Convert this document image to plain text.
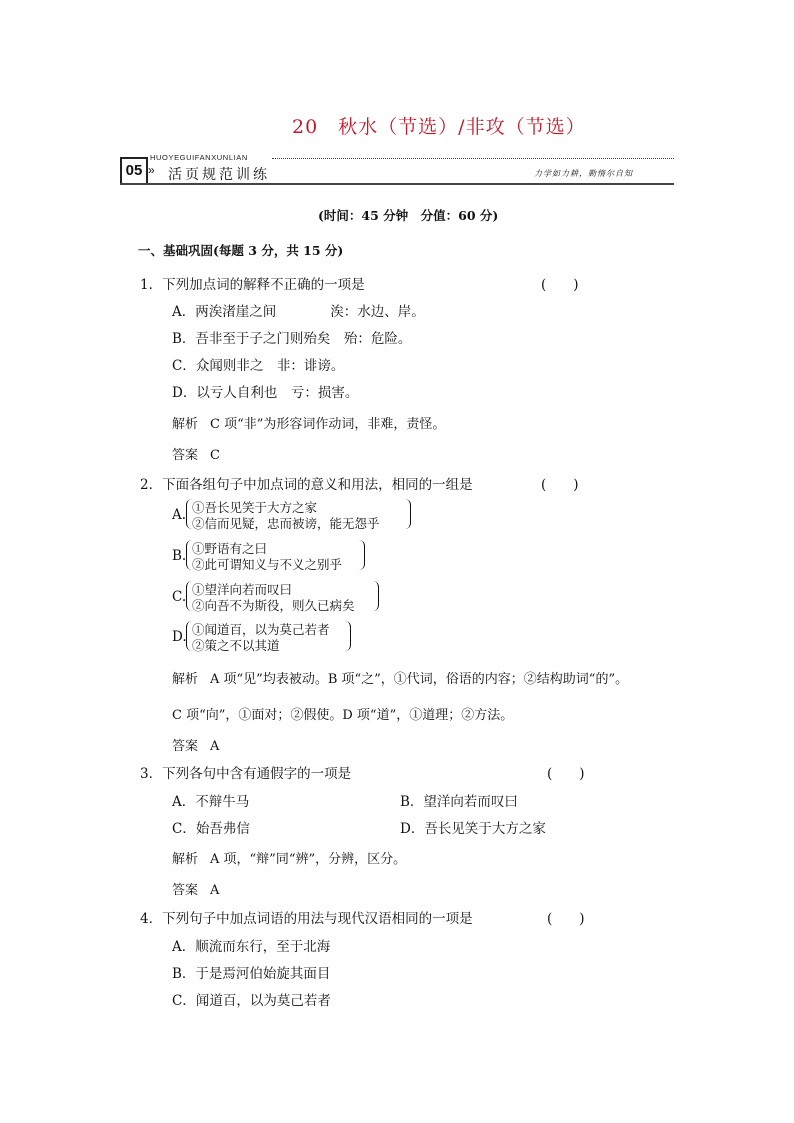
20　秋水（节选）/非攻（节选）
05
HUOYEGUIFANXUNLIAN
» 活页规范训练	力学如力耕，勤惰尔自知
(时间：45 分钟　分值：60 分)
一、基础巩固(每题 3 分，共 15 分)
1．下列加点词的解释不正确的一项是	(　　)
A．两涘渚崖之间　　　　涘：水边、岸。
B．吾非至于子之门则殆矣　殆：危险。
C．众闻则非之　非：诽谤。
D．以亏人自利也　亏：损害。
解析 C 项“非”为形容词作动词，非难，责怪。
答案 C
2．下面各组句子中加点词的意义和用法，相同的一组是	(　　)
A. ①吾长见笑于大方之家
②信而见疑，忠而被谤，能无怨乎
B. ①野语有之曰
②此可谓知义与不义之别乎
C. ①望洋向若而叹曰
②向吾不为斯役，则久已病矣
D. ①闻道百，以为莫己若者
②策之不以其道
解析 A 项“见”均表被动。B 项“之”，①代词，俗语的内容；②结构助词“的”。
C 项“向”，①面对；②假使。D 项“道”，①道理；②方法。
答案 A
3．下列各句中含有通假字的一项是	(　　)
A．不辩牛马	B．望洋向若而叹曰
C．始吾弗信	D．吾长见笑于大方之家
解析 A 项，“辩”同“辨”，分辨，区分。
答案 A
4．下列句子中加点词语的用法与现代汉语相同的一项是	(　　)
A．顺流而东行，至于北海
B．于是焉河伯始旋其面目
C．闻道百，以为莫己若者
